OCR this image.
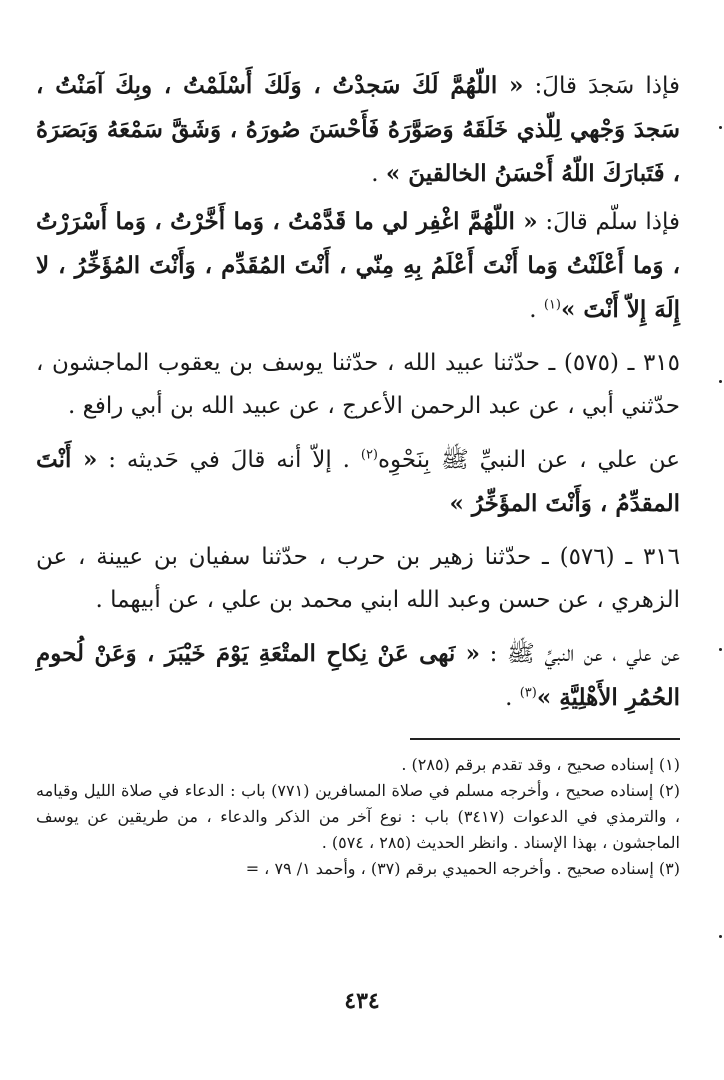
فإذا سَجدَ قالَ: « اللّهُمَّ لَكَ سَجدْتُ ، وَلَكَ أَسْلَمْتُ ، وبِكَ آمَنْتُ ، سَجدَ وَجْهي لِلّذي خَلَقَهُ وَصَوَّرَهُ فَأَحْسَنَ صُورَهُ ، وَشَقَّ سَمْعَهُ وَبَصَرَهُ ، فَتَبارَكَ اللّهُ أَحْسَنُ الخالقينَ » .

فإذا سلّم قالَ: « اللّهُمَّ اغْفِر لي ما قَدَّمْتُ ، وَما أَخَّرْتُ ، وَما أَسْرَرْتُ ، وَما أَعْلَنْتُ وَما أَنْتَ أَعْلَمُ بِهِ مِنّي ، أَنْتَ المُقَدِّم ، وَأَنْتَ المُؤَخِّرُ ، لا إِلَهَ إِلاّ أَنْتَ »$^{(١)}$ .

٣١٥ ـ (٥٧٥) ـ حدّثنا عبيد الله ، حدّثنا يوسف بن يعقوب الماجشون ، حدّثني أبي ، عن عبد الرحمن الأعرج ، عن عبيد الله بن أبي رافع .

عن علي ، عن النبيِّ ﷺ بِنَحْوِه$^{(٢)}$ . إلاّ أنه قالَ في حَديثه : « أَنْتَ المقدِّمُ ، وَأَنْتَ المؤَخِّرُ »

٣١٦ ـ (٥٧٦) ـ حدّثنا زهير بن حرب ، حدّثنا سفيان بن عيينة ، عن الزهري ، عن حسن وعبد الله ابني محمد بن علي ، عن أبيهما .

عن علي ، عن النبيِّ ﷺ : « نَهى عَنْ نِكاحِ المتْعَةِ يَوْمَ خَيْبَرَ ، وَعَنْ لُحومِ الحُمُرِ الأَهْلِيَّةِ »$^{(٣)}$ .

(١) إسناده صحيح ، وقد تقدم برقم (٢٨٥) .

(٢) إسناده صحيح ، وأخرجه مسلم في صلاة المسافرين (٧٧١) باب : الدعاء في صلاة الليل وقيامه ، والترمذي في الدعوات (٣٤١٧) باب : نوع آخر من الذكر والدعاء ، من طريقين عن يوسف الماجشون ، بهذا الإسناد . وانظر الحديث (٢٨٥ ، ٥٧٤) .

(٣) إسناده صحيح . وأخرجه الحميدي برقم (٣٧) ، وأحمد ١/ ٧٩ ، =

٤٣٤
